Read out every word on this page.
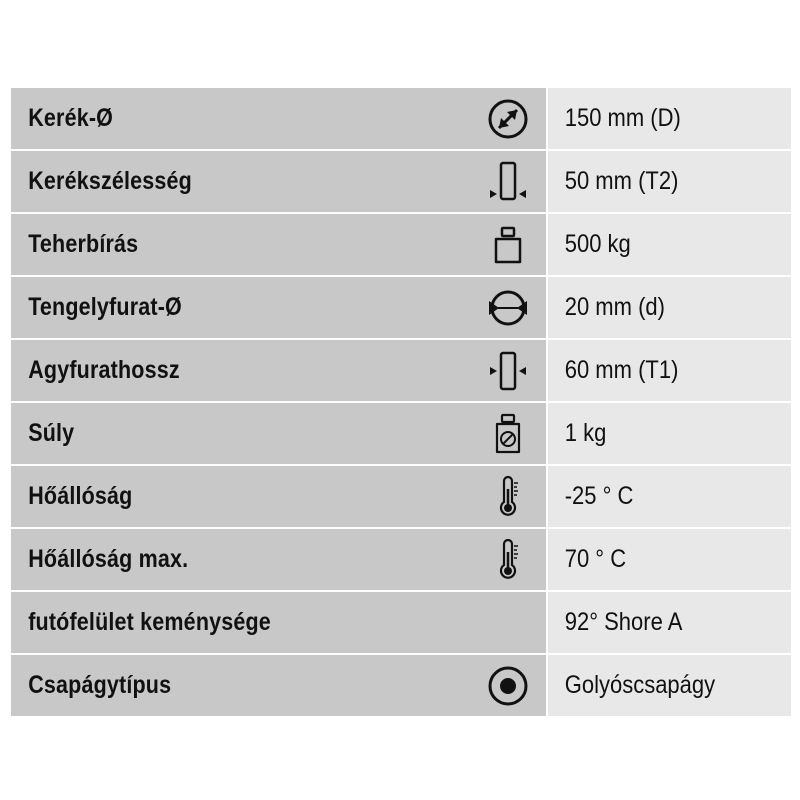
Kerék-Ø	150 mm (D)
Kerékszélesség	50 mm (T2)
Teherbírás	500 kg
Tengelyfurat-Ø	20 mm (d)
Agyfurathossz	60 mm (T1)
Súly	1 kg
Hőállóság	-25 ° C
Hőállóság max.	70 ° C
futófelület keménysége	92° Shore A
Csapágytípus	Golyóscsapágy
